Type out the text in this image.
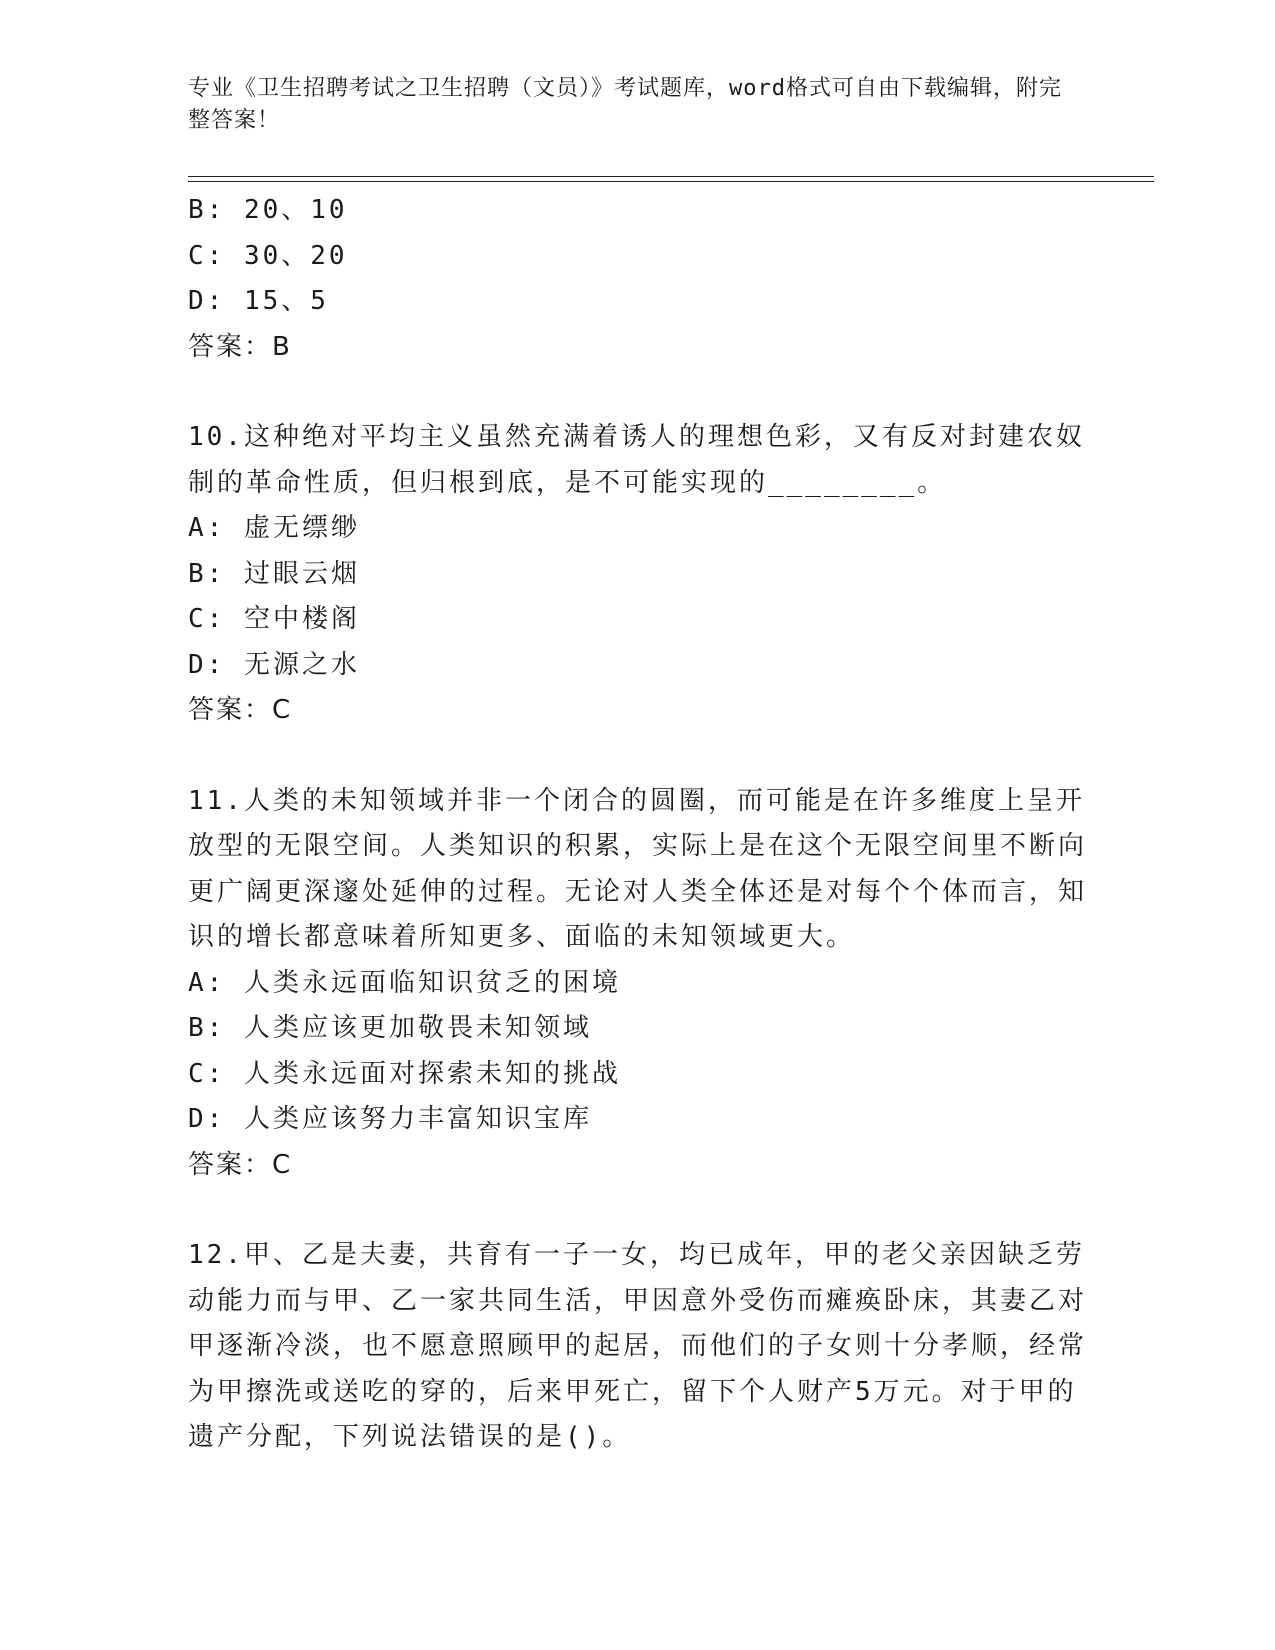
专业《卫生招聘考试之卫生招聘（文员）》考试题库，word格式可自由下载编辑，附完整答案！
B: 20、10
C: 30、20
D: 15、5
答案：B
10.这种绝对平均主义虽然充满着诱人的理想色彩，又有反对封建农奴制的革命性质，但归根到底，是不可能实现的________。
A: 虚无缥缈
B: 过眼云烟
C: 空中楼阁
D: 无源之水
答案：C
11.人类的未知领域并非一个闭合的圆圈，而可能是在许多维度上呈开放型的无限空间。人类知识的积累，实际上是在这个无限空间里不断向更广阔更深邃处延伸的过程。无论对人类全体还是对每个个体而言，知识的增长都意味着所知更多、面临的未知领域更大。
A: 人类永远面临知识贫乏的困境
B: 人类应该更加敬畏未知领域
C: 人类永远面对探索未知的挑战
D: 人类应该努力丰富知识宝库
答案：C
12.甲、乙是夫妻，共育有一子一女，均已成年，甲的老父亲因缺乏劳动能力而与甲、乙一家共同生活，甲因意外受伤而瘫痪卧床，其妻乙对甲逐渐冷淡，也不愿意照顾甲的起居，而他们的子女则十分孝顺，经常为甲擦洗或送吃的穿的，后来甲死亡，留下个人财产5万元。对于甲的遗产分配，下列说法错误的是()。
